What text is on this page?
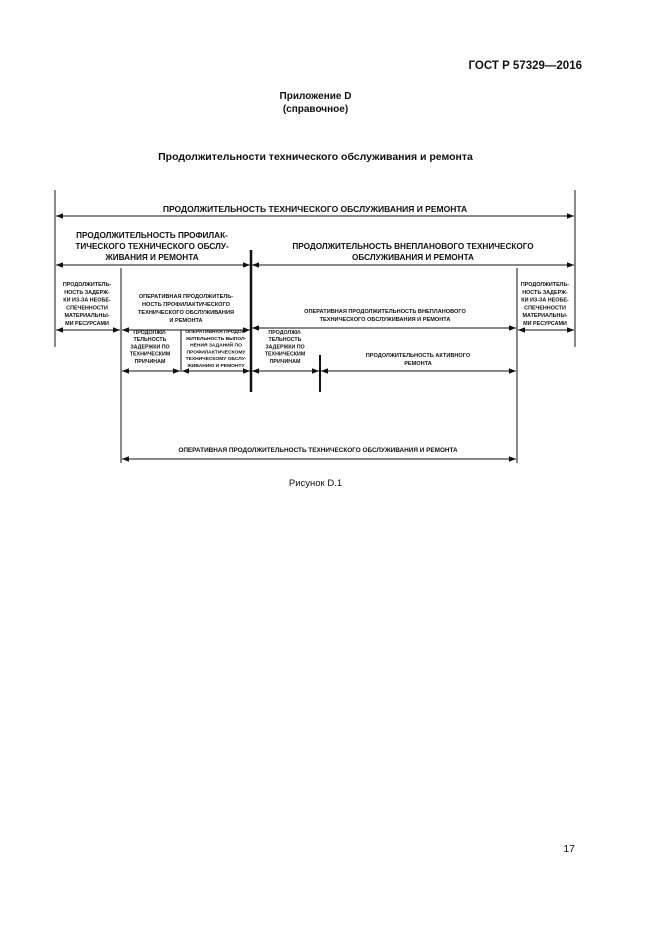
ГОСТ Р 57329—2016
Приложение D
(справочное)
Продолжительности технического обслуживания и ремонта
ПРОДОЛЖИТЕЛЬНОСТЬ ТЕХНИЧЕСКОГО ОБСЛУЖИВАНИЯ И РЕМОНТА
ПРОДОЛЖИТЕЛЬНОСТЬ ПРОФИЛАК-ТИЧЕСКОГО ТЕХНИЧЕСКОГО ОБСЛУ-ЖИВАНИЯ И РЕМОНТА
ПРОДОЛЖИТЕЛЬНОСТЬ ВНЕПЛАНОВОГО ТЕХНИЧЕСКОГО ОБСЛУЖИВАНИЯ И РЕМОНТА
ПРОДОЛЖИТЕЛЬ-НОСТЬ ЗАДЕРЖ-КИ ИЗ-ЗА НЕОБЕ-СПЕЧЕННОСТИ МАТЕРИАЛЬНЫ-МИ РЕСУРСАМИ
ПРОДОЛЖИТЕЛЬ-НОСТЬ ЗАДЕРЖ-КИ ИЗ-ЗА НЕОБЕ-СПЕЧЕННОСТИ МАТЕРИАЛЬНЫ-МИ РЕСУРСАМИ
ОПЕРАТИВНАЯ ПРОДОЛЖИТЕЛЬ-НОСТЬ ПРОФИЛАКТИЧЕСКОГО ТЕХНИЧЕСКОГО ОБСЛУЖИВАНИЯ И РЕМОНТА
ОПЕРАТИВНАЯ ПРОДОЛЖИТЕЛЬНОСТЬ ВНЕПЛАНОВОГО ТЕХНИЧЕСКОГО ОБСЛУЖИВАНИЯ И РЕМОНТА
ПРОДОЛЖИ-ТЕЛЬНОСТЬ ЗАДЕРЖКИ ПО ТЕХНИЧЕСКИМ ПРИЧИНАМ
ОПЕРАТИВНАЯ ПРОДОЛ-ЖИТЕЛЬНОСТЬ ВЫПОЛ-НЕНИЯ ЗАДАНИЙ ПО ПРОФИЛАКТИЧЕСКОМУ ТЕХНИЧЕСКОМУ ОБСЛУ-ЖИВАНИЮ И РЕМОНТУ
ПРОДОЛЖИ-ТЕЛЬНОСТЬ ЗАДЕРЖКИ ПО ТЕХНИЧЕСКИМ ПРИЧИНАМ
ПРОДОЛЖИТЕЛЬНОСТЬ АКТИВНОГО РЕМОНТА
ОПЕРАТИВНАЯ ПРОДОЛЖИТЕЛЬНОСТЬ ТЕХНИЧЕСКОГО ОБСЛУЖИВАНИЯ И РЕМОНТА
Рисунок D.1
17
